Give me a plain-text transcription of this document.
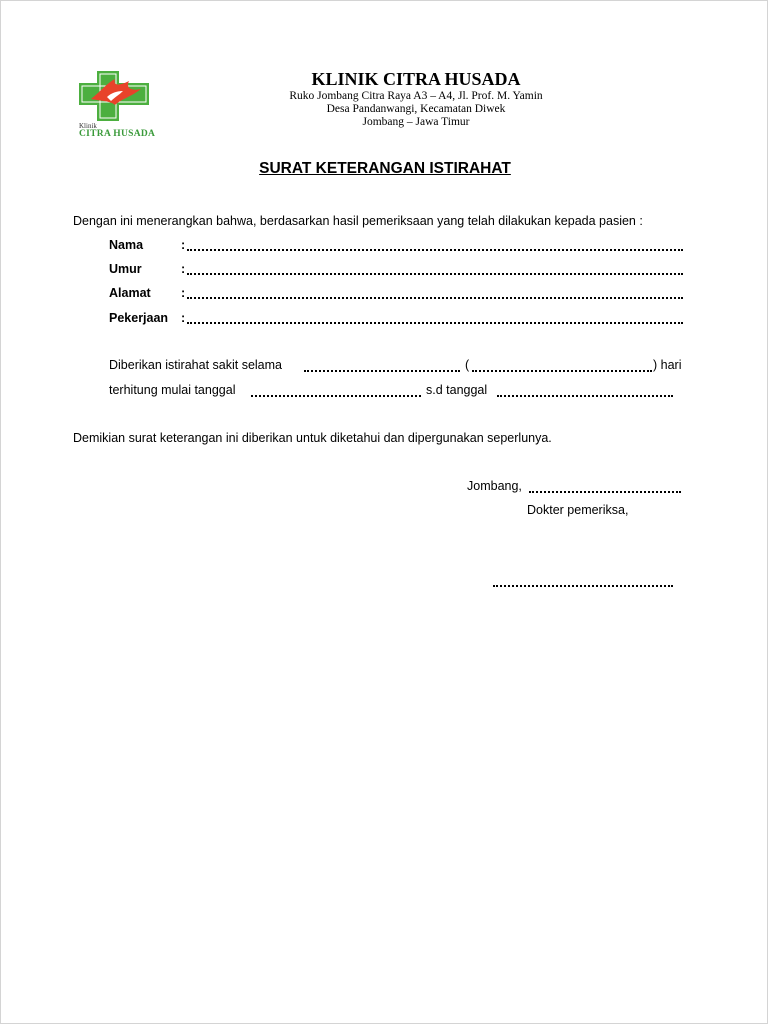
Klinik
CITRA HUSADA
KLINIK CITRA HUSADA
Ruko Jombang Citra Raya A3 – A4, Jl. Prof. M. Yamin
Desa Pandanwangi, Kecamatan Diwek
Jombang – Jawa Timur
SURAT KETERANGAN ISTIRAHAT
Dengan ini menerangkan bahwa, berdasarkan hasil pemeriksaan yang telah dilakukan kepada pasien :
Nama	:
Umur	:
Alamat :
Pekerjaan :
Diberikan istirahat sakit selama	(	) hari
terhitung mulai tanggal	s.d tanggal
Demikian surat keterangan ini diberikan untuk diketahui dan dipergunakan seperlunya.
Jombang,
Dokter pemeriksa,
